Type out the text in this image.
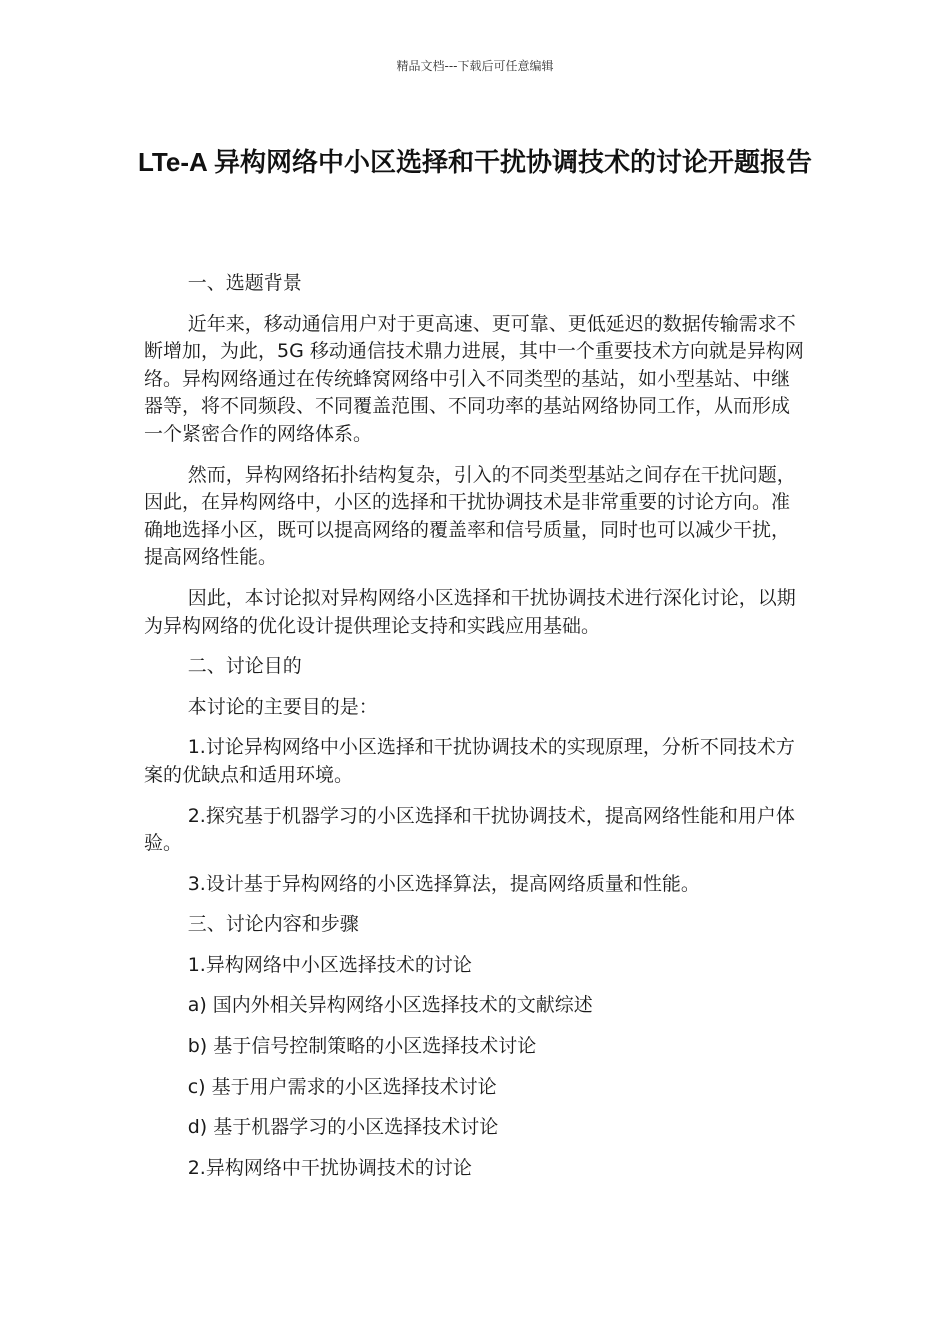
精品文档---下载后可任意编辑
LTe-A 异构网络中小区选择和干扰协调技术的讨论开题报告

一、选题背景

近年来，移动通信用户对于更高速、更可靠、更低延迟的数据传输需求不断增加，为此，5G 移动通信技术鼎力进展，其中一个重要技术方向就是异构网络。异构网络通过在传统蜂窝网络中引入不同类型的基站，如小型基站、中继器等，将不同频段、不同覆盖范围、不同功率的基站网络协同工作，从而形成一个紧密合作的网络体系。

然而，异构网络拓扑结构复杂，引入的不同类型基站之间存在干扰问题，因此，在异构网络中，小区的选择和干扰协调技术是非常重要的讨论方向。准确地选择小区，既可以提高网络的覆盖率和信号质量，同时也可以减少干扰，提高网络性能。

因此，本讨论拟对异构网络小区选择和干扰协调技术进行深化讨论，以期为异构网络的优化设计提供理论支持和实践应用基础。

二、讨论目的

本讨论的主要目的是：

1.讨论异构网络中小区选择和干扰协调技术的实现原理，分析不同技术方案的优缺点和适用环境。

2.探究基于机器学习的小区选择和干扰协调技术，提高网络性能和用户体验。

3.设计基于异构网络的小区选择算法，提高网络质量和性能。

三、讨论内容和步骤

1.异构网络中小区选择技术的讨论

a) 国内外相关异构网络小区选择技术的文献综述

b) 基于信号控制策略的小区选择技术讨论

c) 基于用户需求的小区选择技术讨论

d) 基于机器学习的小区选择技术讨论

2.异构网络中干扰协调技术的讨论
